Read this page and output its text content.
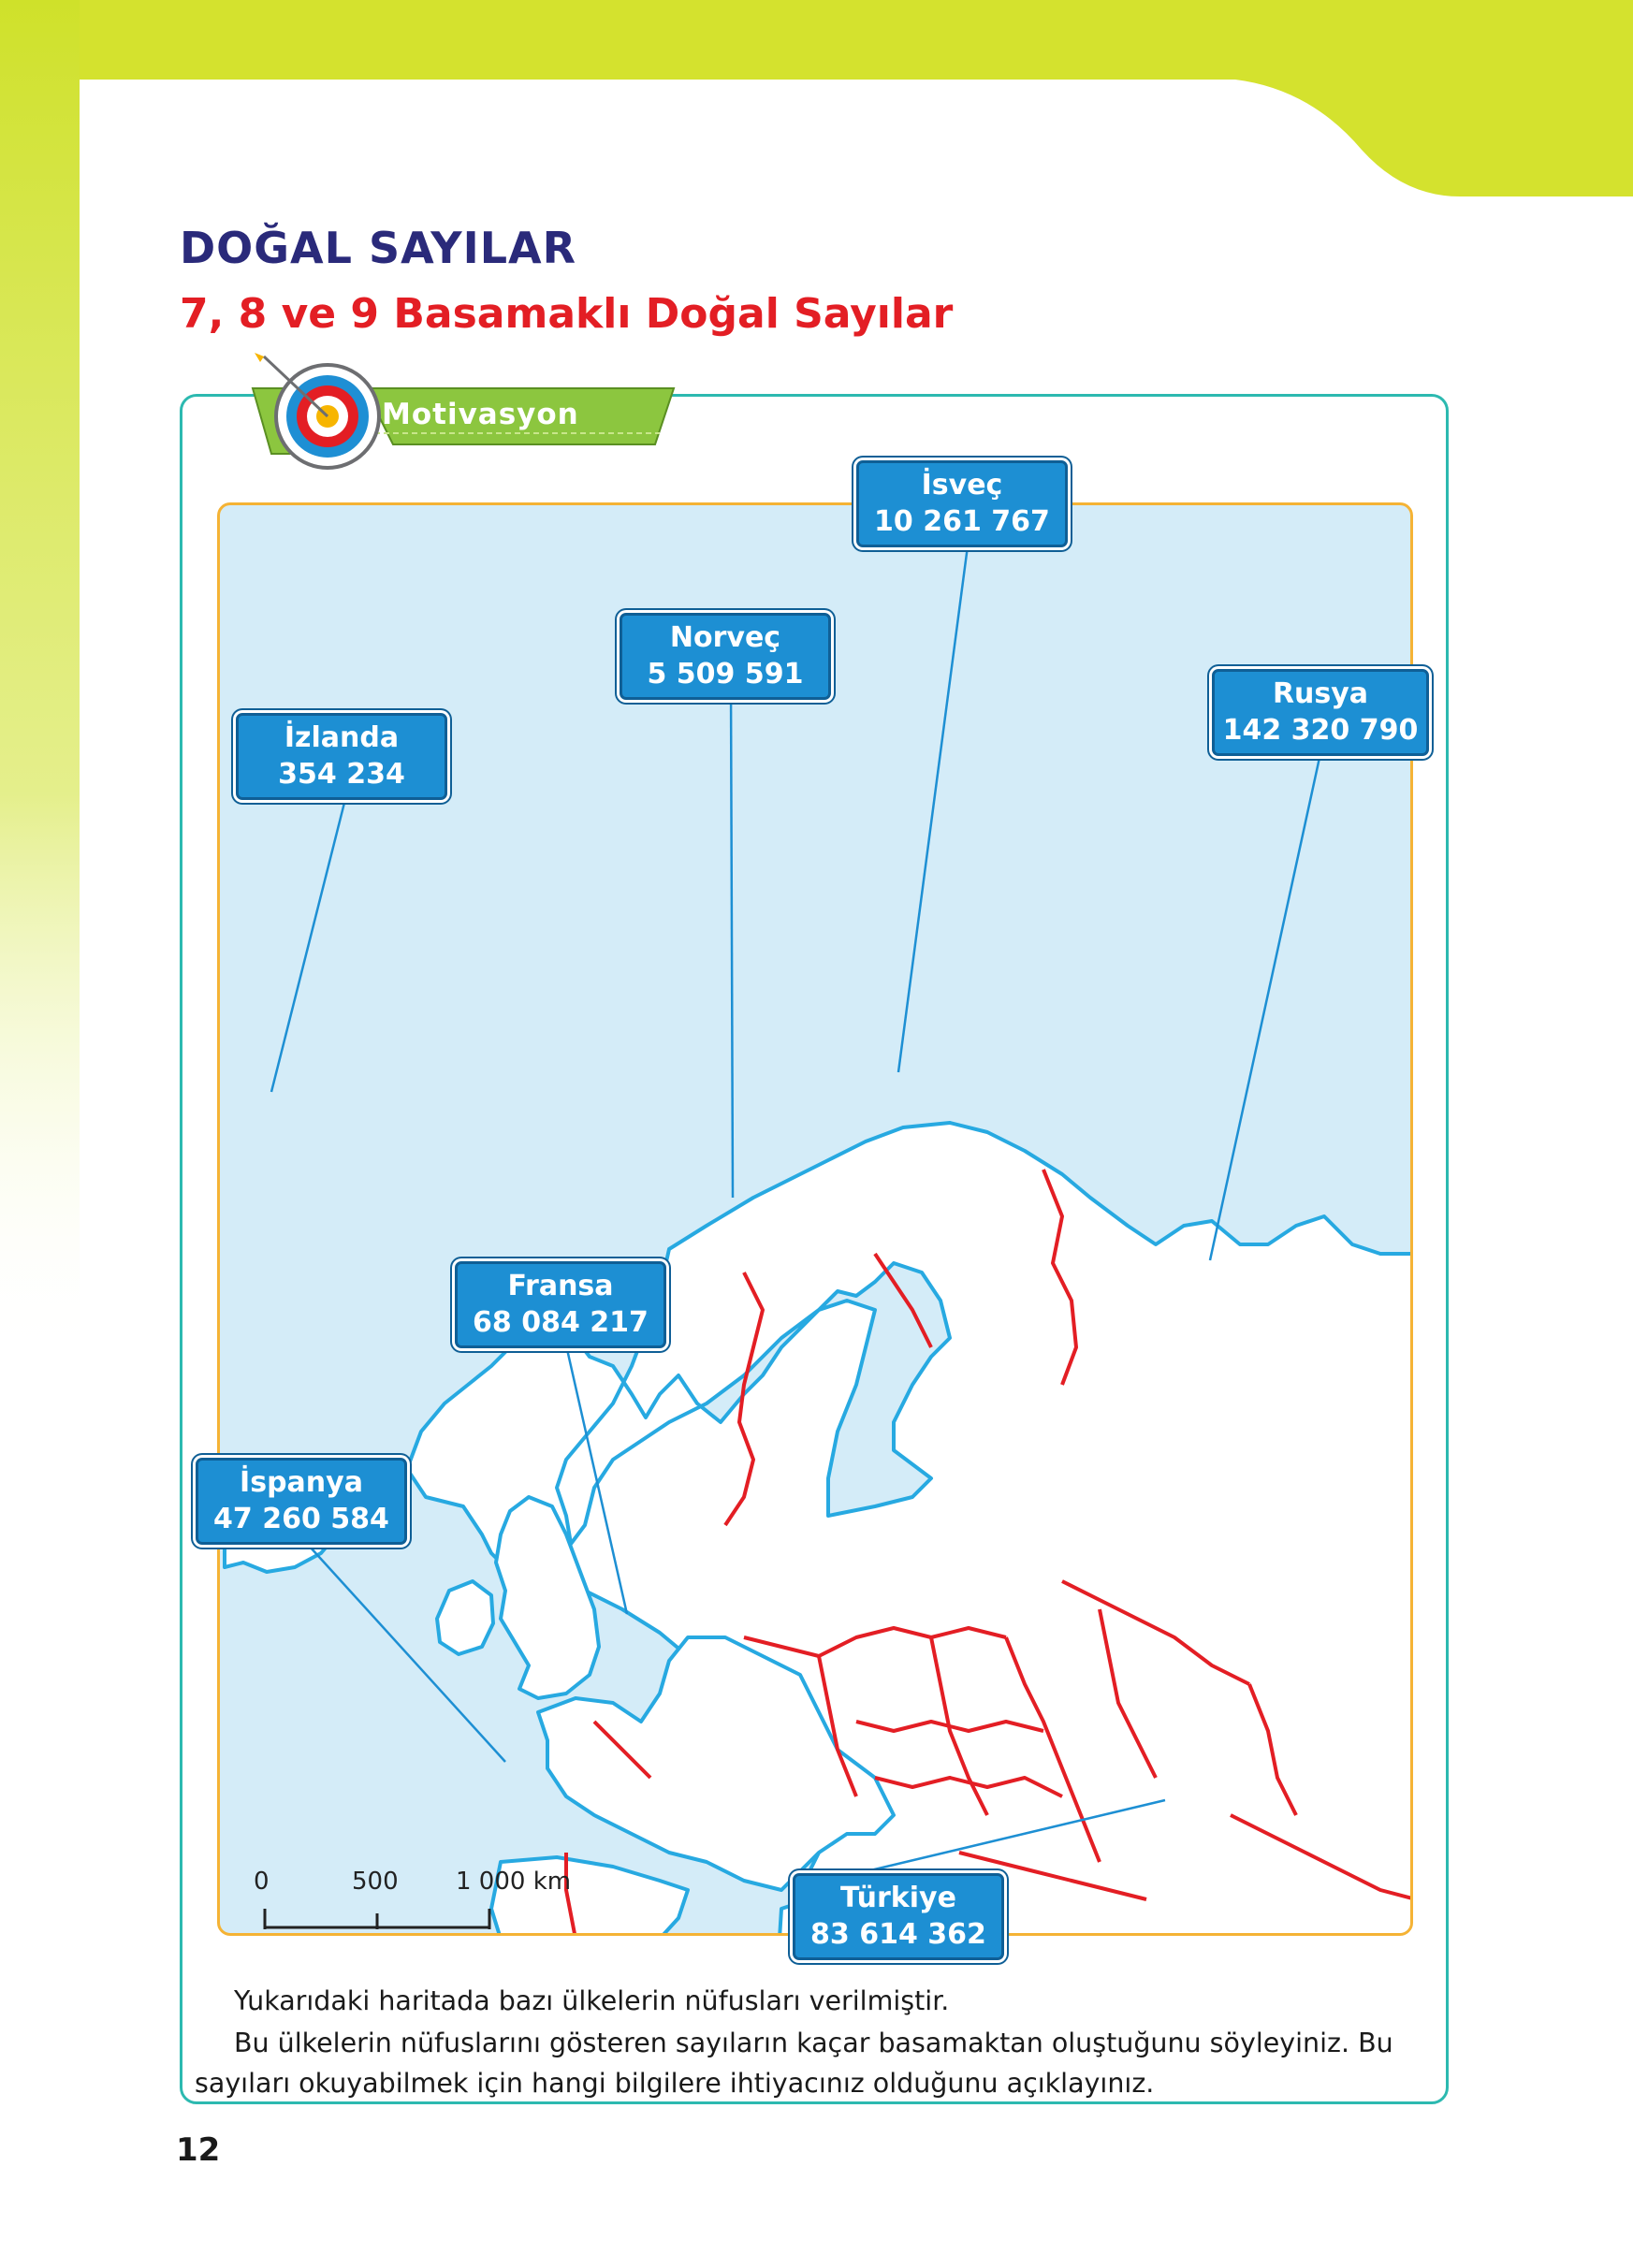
DOĞAL SAYILAR
7, 8 ve 9 Basamaklı Doğal Sayılar
Motivasyon
0	500 1 000 km
İsveç
10 261 767
Norveç
5 509 591
İzlanda
354 234
Rusya
142 320 790
Fransa
68 084 217
İspanya
47 260 584
Türkiye
83 614 362

Yukarıdaki haritada bazı ülkelerin nüfusları verilmiştir.

Bu ülkelerin nüfuslarını gösteren sayıların kaçar basamaktan oluştuğunu söyleyiniz. Bu

sayıları okuyabilmek için hangi bilgilere ihtiyacınız olduğunu açıklayınız.

12
